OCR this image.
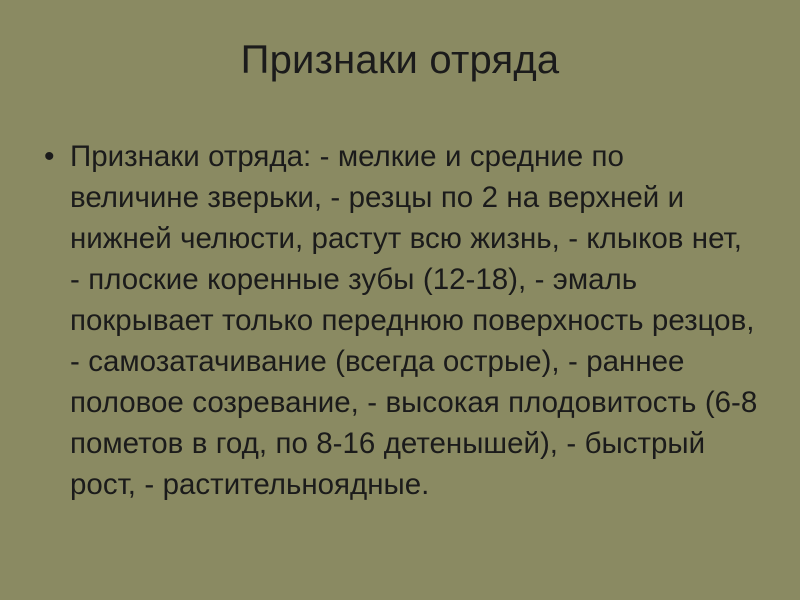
Признаки отряда
• Признаки отряда: - мелкие и средние по величине зверьки, - резцы по 2 на верхней и нижней челюсти, растут всю жизнь, - клыков нет, - плоские коренные зубы (12-18), - эмаль покрывает только переднюю поверхность резцов, - самозатачивание (всегда острые), - раннее половое созревание, - высокая плодовитость (6-8 пометов в год, по 8-16 детенышей), - быстрый рост, - растительноядные.
